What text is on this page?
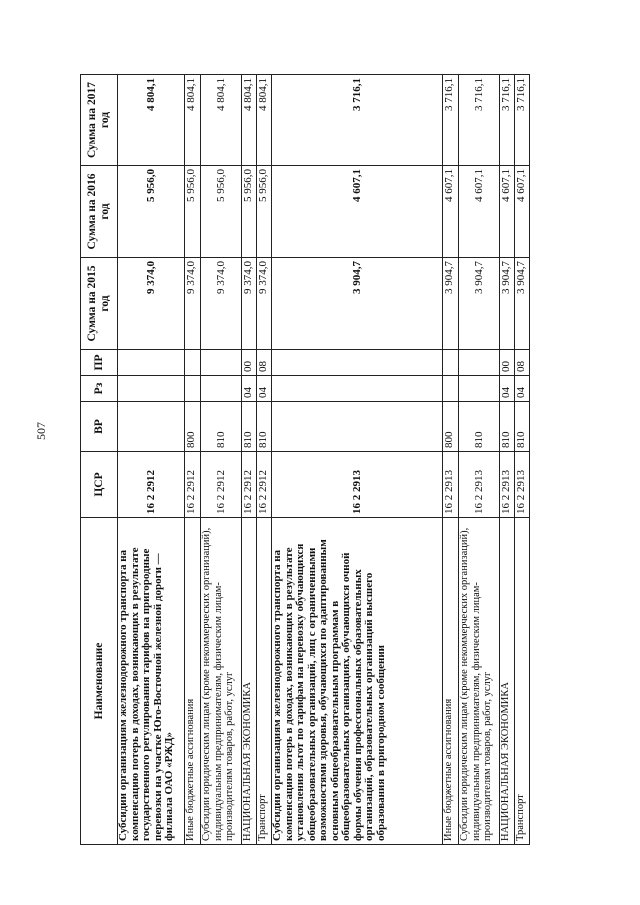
507
Наименование	ЦСР	ВР	Рз	ПР	Сумма на 2015 год	Сумма на 2016 год	Сумма на 2017 год
Субсидии организациям железнодорожного транспорта на компенсацию потерь в доходах, возникающих в результате государственного регулирования тарифов на пригородные перевозки на участке Юго-Восточной железной дороги — филиала ОАО «РЖД»	16 2 2912				9 374,0	5 956,0	4 804,1
Иные бюджетные ассигнования	16 2 2912	800			9 374,0	5 956,0	4 804,1
Субсидии юридическим лицам (кроме некоммерческих организаций), индивидуальным предпринимателям, физическим лицам-производителям товаров, работ, услуг	16 2 2912	810			9 374,0	5 956,0	4 804,1
НАЦИОНАЛЬНАЯ ЭКОНОМИКА	16 2 2912	810	04	00	9 374,0	5 956,0	4 804,1
Транспорт	16 2 2912	810	04	08	9 374,0	5 956,0	4 804,1
Субсидии организациям железнодорожного транспорта на компенсацию потерь в доходах, возникающих в результате установления льгот по тарифам на перевозку обучающихся общеобразовательных организаций, лиц с ограниченными возможностями здоровья, обучающихся по адаптированным основным общеобразовательным программам в общеобразовательных организациях, обучающихся очной формы обучения профессиональных образовательных организаций, образовательных организаций высшего образования в пригородном сообщении	16 2 2913				3 904,7	4 607,1	3 716,1
Иные бюджетные ассигнования	16 2 2913	800			3 904,7	4 607,1	3 716,1
Субсидии юридическим лицам (кроме некоммерческих организаций), индивидуальным предпринимателям, физическим лицам-производителям товаров, работ, услуг	16 2 2913	810			3 904,7	4 607,1	3 716,1
НАЦИОНАЛЬНАЯ ЭКОНОМИКА	16 2 2913	810	04	00	3 904,7	4 607,1	3 716,1
Транспорт	16 2 2913	810	04	08	3 904,7	4 607,1	3 716,1
